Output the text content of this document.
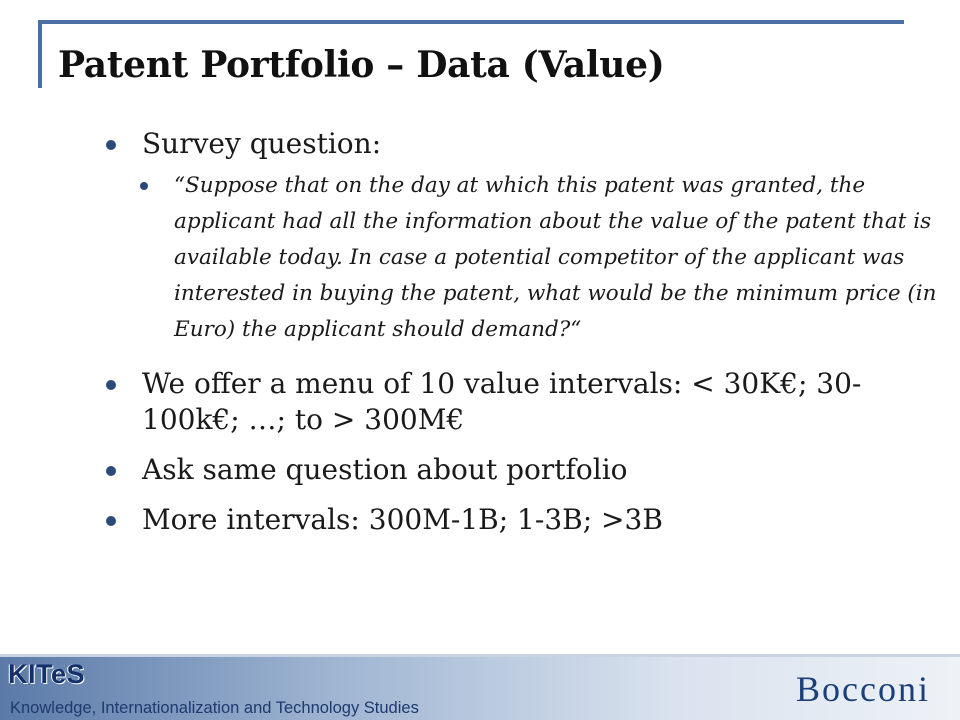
Patent Portfolio – Data (Value)
Survey question:
“Suppose that on the day at which this patent was granted, the applicant had all the information about the value of the patent that is available today. In case a potential competitor of the applicant was interested in buying the patent, what would be the minimum price (in Euro) the applicant should demand?“
We offer a menu of 10 value intervals: < 30K€; 30-100k€; …; to > 300M€
Ask same question about portfolio
More intervals: 300M-1B; 1-3B; >3B
KITeS
Knowledge, Internationalization and Technology Studies	Bocconi
